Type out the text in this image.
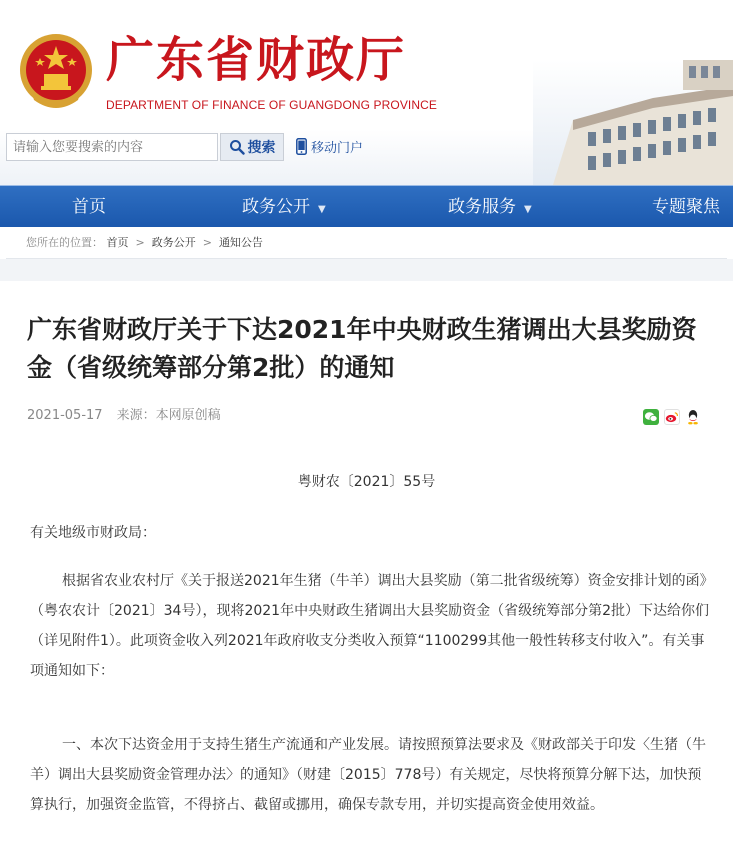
广东省财政厅
DEPARTMENT OF FINANCE OF GUANGDONG PROVINCE
请输入您要搜索的内容
搜索	移动门户
首页	政务公开 ▼	政务服务 ▼	专题聚焦
您所在的位置： 首页 > 政务公开 > 通知公告
广东省财政厅关于下达2021年中央财政生猪调出大县奖励资金（省级统筹部分第2批）的通知
2021-05-17 来源：本网原创稿
粤财农〔2021〕55号

有关地级市财政局：

根据省农业农村厅《关于报送2021年生猪（牛羊）调出大县奖励（第二批省级统筹）资金安排计划的函》（粤农农计〔2021〕34号），现将2021年中央财政生猪调出大县奖励资金（省级统筹部分第2批）下达给你们（详见附件1）。此项资金收入列2021年政府收支分类收入预算“1100299其他一般性转移支付收入”。有关事项通知如下：

一、本次下达资金用于支持生猪生产流通和产业发展。请按照预算法要求及《财政部关于印发〈生猪（牛羊）调出大县奖励资金管理办法〉的通知》（财建〔2015〕778号）有关规定，尽快将预算分解下达，加快预算执行，加强资金监管，不得挤占、截留或挪用，确保专款专用，并切实提高资金使用效益。
